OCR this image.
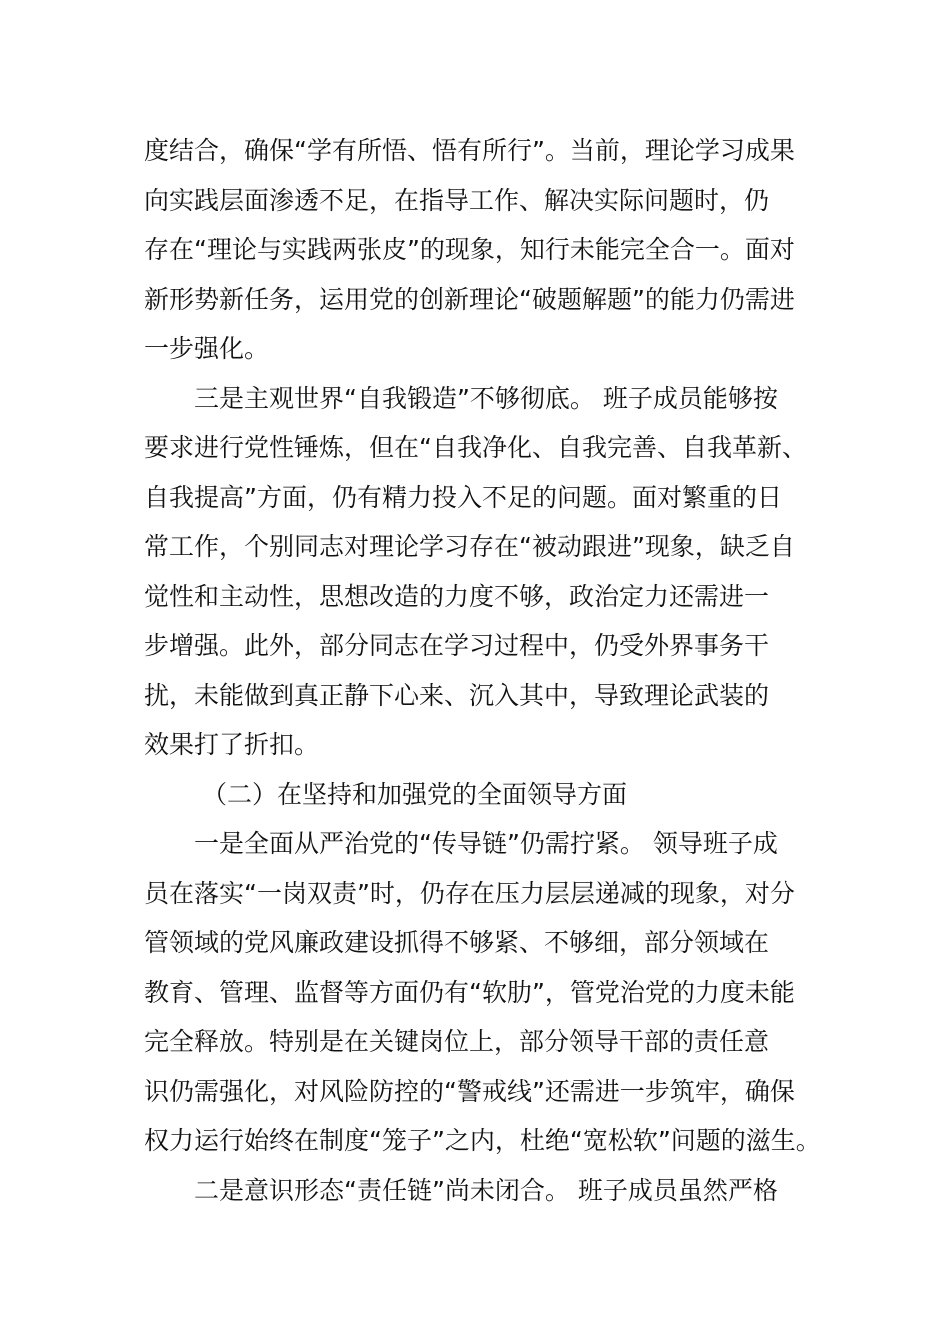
度结合，确保“学有所悟、悟有所行”。当前，理论学习成果
向实践层面渗透不足，在指导工作、解决实际问题时，仍
存在“理论与实践两张皮”的现象，知行未能完全合一。面对
新形势新任务，运用党的创新理论“破题解题”的能力仍需进
一步强化。
三是主观世界“自我锻造”不够彻底。 班子成员能够按
要求进行党性锤炼，但在“自我净化、自我完善、自我革新、
自我提高”方面，仍有精力投入不足的问题。面对繁重的日
常工作，个别同志对理论学习存在“被动跟进”现象，缺乏自
觉性和主动性，思想改造的力度不够，政治定力还需进一
步增强。此外，部分同志在学习过程中，仍受外界事务干
扰，未能做到真正静下心来、沉入其中，导致理论武装的
效果打了折扣。
（二）在坚持和加强党的全面领导方面
一是全面从严治党的“传导链”仍需拧紧。 领导班子成
员在落实“一岗双责”时，仍存在压力层层递减的现象，对分
管领域的党风廉政建设抓得不够紧、不够细，部分领域在
教育、管理、监督等方面仍有“软肋”，管党治党的力度未能
完全释放。特别是在关键岗位上，部分领导干部的责任意
识仍需强化，对风险防控的“警戒线”还需进一步筑牢，确保
权力运行始终在制度“笼子”之内，杜绝“宽松软”问题的滋生。
二是意识形态“责任链”尚未闭合。 班子成员虽然严格
